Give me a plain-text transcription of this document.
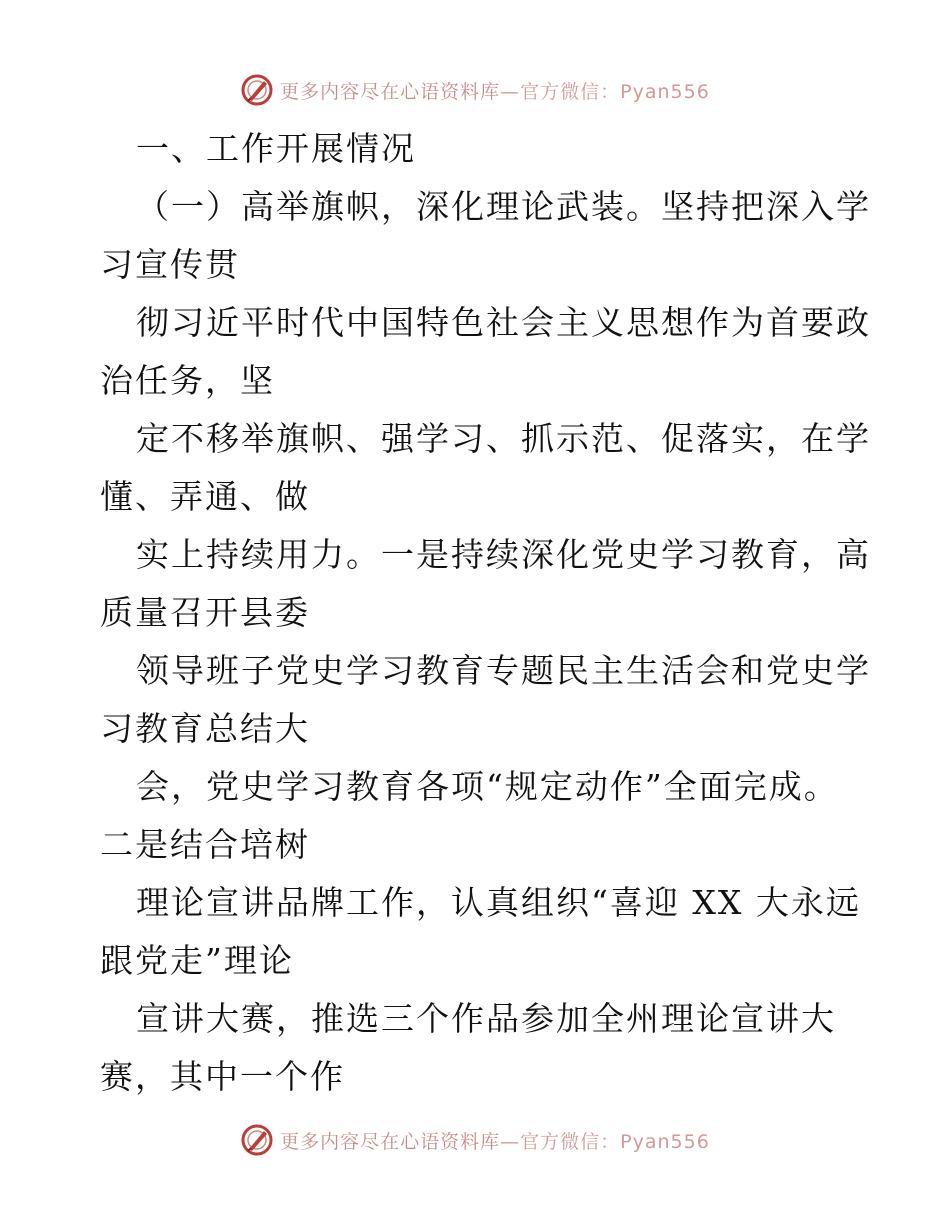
更多内容尽在心语资料库—官方微信：Pyan556
一、工作开展情况
（一）高举旗帜，深化理论武装。坚持把深入学
习宣传贯
彻习近平时代中国特色社会主义思想作为首要政
治任务，坚
定不移举旗帜、强学习、抓示范、促落实，在学
懂、弄通、做
实上持续用力。一是持续深化党史学习教育，高
质量召开县委
领导班子党史学习教育专题民主生活会和党史学
习教育总结大
会，党史学习教育各项“规定动作”全面完成。
二是结合培树
理论宣讲品牌工作，认真组织“喜迎 XX 大永远
跟党走”理论
宣讲大赛，推选三个作品参加全州理论宣讲大
赛，其中一个作
更多内容尽在心语资料库—官方微信：Pyan556
